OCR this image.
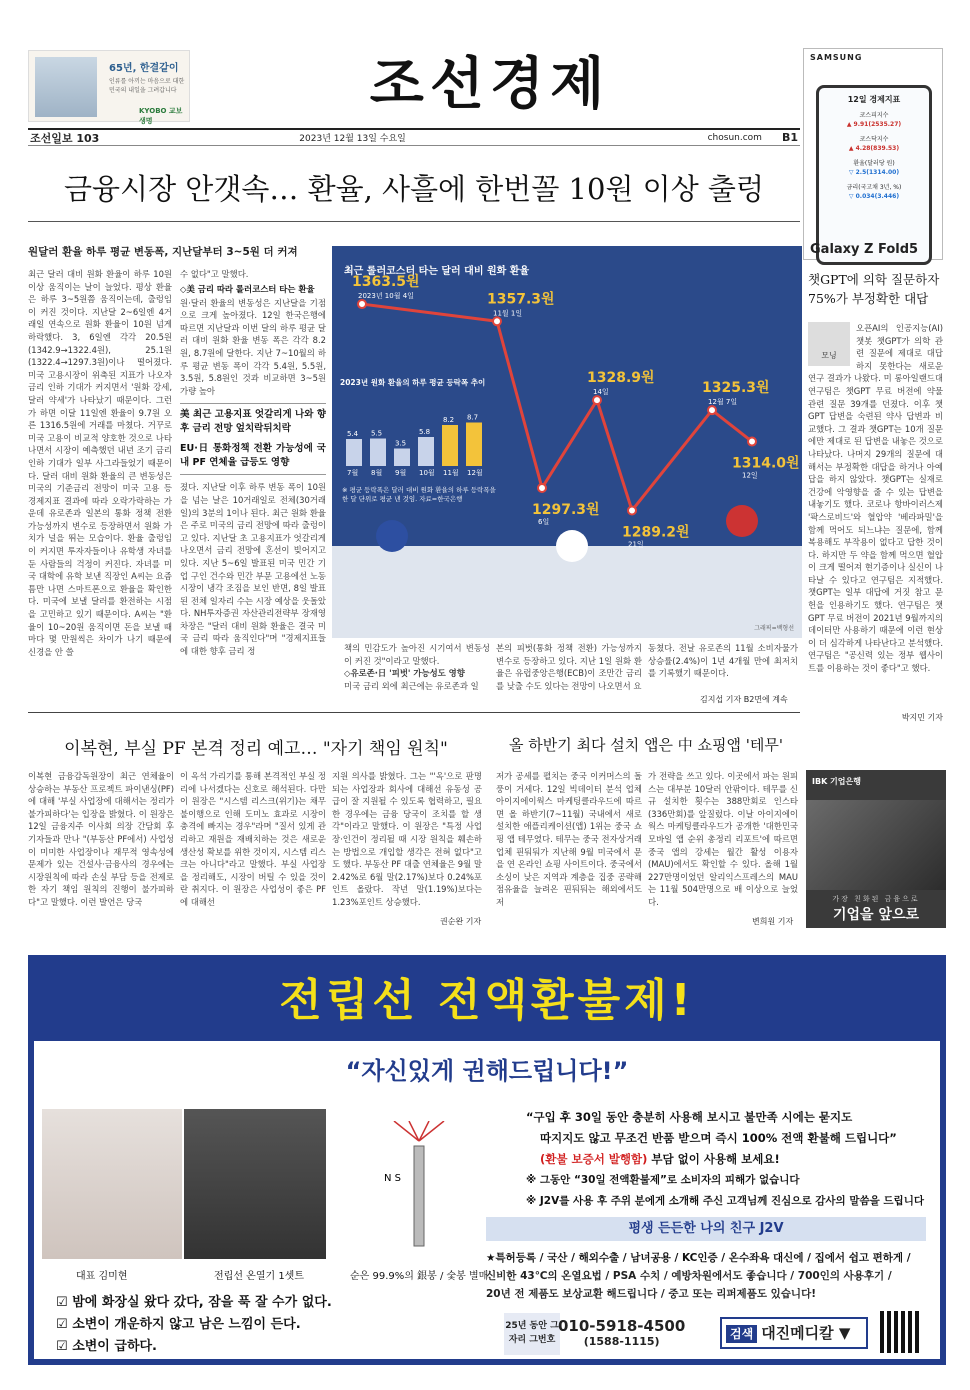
65년, 한결같이
인류를 아끼는 마음으로 대한민국의 내일을 그려갑니다
KYOBO 교보생명
조선경제	SAMSUNG
12일 경제지표
코스피지수
▲ 9.91(2535.27)
코스닥지수
▲ 4.28(839.53)
환율(달러당 원)
▽ 2.5(1314.00)
금리(국고채 3년, %)
▽ 0.034(3.446)
Galaxy Z Fold5
조선일보 103	2023년 12월 13일 수요일	chosun.com B1
금융시장 안갯속… 환율, 사흘에 한번꼴 10원 이상 출렁
원달러 환율 하루 평균 변동폭, 지난달부터 3~5원 더 커져
최근 달러 대비 원화 환율이 하루 10원 이상 움직이는 날이 늘었다. 평상 환율은 하루 3~5원쯤 움직이는데, 출렁임이 커진 것이다. 지난달 2~6일엔 4거래일 연속으로 원화 환율이 10원 넘게 하락했다. 3, 6일엔 각각 20.5원(1342.9→1322.4원), 25.1원(1322.4→1297.3원)이나 떨어졌다. 미국 고용시장이 위축된 지표가 나오자 금리 인하 기대가 커지면서 '원화 강세, 달러 약세'가 나타났기 때문이다. 그런가 하면 이달 11일엔 환율이 9.7원 오른 1316.5원에 거래를 마쳤다. 거꾸로 미국 고용이 비교적 양호한 것으로 나타나면서 시장이 예측했던 내년 조기 금리 인하 기대가 일부 사그라들었기 때문이다. 달러 대비 원화 환율의 큰 변동성은 미국의 기준금리 전망이 미국 고용 등 경제지표 결과에 따라 오락가락하는 가운데 유로존과 일본의 통화 정책 전환 가능성까지 변수로 등장하면서 원화 가치가 널을 뛰는 모습이다. 환율 출렁임이 커지면 투자자들이나 유학생 자녀를 둔 사람들의 걱정이 커진다. 자녀를 미국 대학에 유학 보낸 직장인 A씨는 요즘 틈만 나면 스마트폰으로 환율을 확인한다. 미국에 보낼 달러를 환전하는 시점을 고민하고 있기 때문이다. A씨는 "환율이 10~20원 움직이면 돈을 보낼 때마다 몇 만원씩은 차이가 나기 때문에 신경을 안 쓸
수 없다"고 말했다.
◇美 금리 따라 롤러코스터 타는 환율
원·달러 환율의 변동성은 지난달을 기점으로 크게 높아졌다. 12일 한국은행에 따르면 지난달과 이번 달의 하루 평균 달러 대비 원화 환율 변동 폭은 각각 8.2원, 8.7원에 달한다. 지난 7~10월의 하루 평균 변동 폭이 각각 5.4원, 5.5원, 3.5원, 5.8원인 것과 비교하면 3~5원가량 높아
美 최근 고용지표 엇갈리게 나와 향후 금리 전망 엎치락뒤치락
EU·日 통화정책 전환 가능성에 국내 PF 연체율 급등도 영향
졌다. 지난달 이후 하루 변동 폭이 10원을 넘는 날은 10거래일로 전체(30거래일)의 3분의 1이나 된다. 최근 원화 환율은 주로 미국의 금리 전망에 따라 출렁이고 있다. 지난달 초 고용지표가 엇갈리게 나오면서 금리 전망에 혼선이 빚어지고 있다. 지난 5~6일 발표된 미국 민간 기업 구인 건수와 민간 부문 고용에선 노동시장이 냉각 조짐을 보인 반면, 8일 발표된 전체 일자리 수는 시장 예상을 웃돌았다. NH투자증권 자산관리전략부 장재영 차장은 "달러 대비 원화 환율은 결국 미국 금리 따라 움직인다"며 "경제지표들에 대한 향후 금리 정
1363.5원
2023년 10월 4일	1357.3원
11월 1일
1297.3원
6일
1328.9원
14일
1289.2원
21일
1325.3원
12월 7일
1314.0원
12일
최근 롤러코스터 타는 달러 대비 원화 환율
2023년 원화 환율의 하루 평균 등락폭 추이
5.4
7월
5.5
8월
3.5
9월
5.8
10월
8.2
11월
8.7
12월
※ 평균 등락폭은 달러 대비 원화 환율의 하루 등락폭을 한 달 단위로 평균 낸 것임. 자료=한국은행
그래픽=백형선
책의 민감도가 높아진 시기여서 변동성이 커진 것"이라고 말했다.
◇유로존·日 '피벗' 가능성도 영향
미국 금리 외에 최근에는 유로존과 일
본의 피벗(통화 정책 전환) 가능성까지 변수로 등장하고 있다. 지난 1일 원화 환율은 유럽중앙은행(ECB)이 조만간 금리를 낮출 수도 있다는 전망이 나오면서 요
동쳤다. 전날 유로존의 11월 소비자물가 상승률(2.4%)이 1년 4개월 만에 최저치를 기록했기 때문이다.
김지섭 기자 B2면에 계속
챗GPT에 의학 질문하자 75%가 부정확한 대답
모닝
오픈AI의 인공지능(AI) 챗봇 챗GPT가 의학 관련 질문에 제대로 대답하지 못한다는 새로운 연구 결과가 나왔다. 미 롱아일랜드대 연구팀은 챗GPT 무료 버전에 약물 관련 질문 39개를 던졌다. 이후 챗GPT 답변을 숙련된 약사 답변과 비교했다. 그 결과 챗GPT는 10개 질문에만 제대로 된 답변을 내놓은 것으로 나타났다. 나머지 29개의 질문에 대해서는 부정확한 대답을 하거나 아예 답을 하지 않았다. 챗GPT는 실재로 건강에 악영향을 줄 수 있는 답변을 내놓기도 했다. 코로나 항바이러스제 '팍스로비드'와 혈압약 '베라파밀'을 함께 먹어도 되느냐는 질문에, 함께 복용해도 부작용이 없다고 답한 것이다. 하지만 두 약을 함께 먹으면 혈압이 크게 떨어져 현기증이나 실신이 나타날 수 있다고 연구팀은 지적했다. 챗GPT는 일부 대답에 거짓 참고 문헌을 인용하기도 했다. 연구팀은 챗GPT 무료 버전이 2021년 9월까지의 데이터만 사용하기 때문에 이런 현상이 더 심각하게 나타난다고 분석했다. 연구팀은 "공신력 있는 정부 웹사이트를 이용하는 것이 좋다"고 했다.
박지민 기자
이복현, 부실 PF 본격 정리 예고… "자기 책임 원칙"
이복현 금융감독원장이 최근 연체율이 상승하는 부동산 프로젝트 파이낸싱(PF)에 대해 '부실 사업장에 대해서는 정리가 불가피하다'는 입장을 밝혔다. 이 원장은 12일 금융지주 이사회 의장 간담회 후 기자들과 만나 "(부동산 PF에서) 사업성이 미미한 사업장이나 재무적 영속성에 문제가 있는 건설사·금융사의 경우에는 시장원칙에 따라 손실 부담 등을 전제로 한 자기 책임 원칙의 진행이 불가피하다"고 말했다. 이런 발언은 당국
이 옥석 가리기를 통해 본격적인 부실 정리에 나서겠다는 신호로 해석된다. 다만 이 원장은 "시스템 리스크(위기)는 채무 불이행으로 인해 도미노 효과로 시장이 충격에 빠지는 경우"라며 "질서 있게 관리하고 재원을 재배치하는 것은 새로운 생산성 확보를 위한 것이지, 시스템 리스크는 아니다"라고 말했다. 부실 사업장을 정리해도, 시장이 버틸 수 있을 것이란 취지다. 이 원장은 사업성이 좋은 PF에 대해선
지원 의사를 밝혔다. 그는 "'옥'으로 판명되는 사업장과 회사에 대해선 유동성 공급이 잘 지원될 수 있도록 협력하고, 필요한 경우에는 금융 당국이 조치를 할 생각"이라고 말했다. 이 원장은 "특정 사업장·인건이 정리될 때 시장 원칙을 훼손하는 방법으로 개입할 생각은 전혀 없다"고도 했다. 부동산 PF 대출 연체율은 9월 말 2.42%로 6월 말(2.17%)보다 0.24%포인트 올랐다. 작년 말(1.19%)보다는 1.23%포인트 상승했다.
권순완 기자
올 하반기 최다 설치 앱은 中 쇼핑앱 '테무'
저가 공세를 펼치는 중국 이커머스의 돌풍이 거세다. 12일 빅데이터 분석 업체 아이지에이웍스 마케팅클라우드에 따르면 올 하반기(7~11월) 국내에서 새로 설치한 애플리케이션(앱) 1위는 중국 쇼핑 앱 테무였다. 테무는 중국 전자상거래 업체 핀둬둬가 지난해 9월 미국에서 문을 연 온라인 쇼핑 사이트이다. 중국에서 소싱이 낮은 지역과 계층을 집중 공략해 점유율을 늘려온 핀둬둬는 해외에서도 저
가 전략을 쓰고 있다. 이곳에서 파는 원피스는 대부분 10달러 안팎이다. 테무를 신규 설치한 횟수는 388만회로 인스타(336만회)를 앞질렀다. 이날 아이지에이웍스 마케팅클라우드가 공개한 '대한민국 모바일 앱 순위 총정리 리포트'에 따르면 중국 앱의 강세는 월간 활성 이용자(MAU)에서도 확인할 수 있다. 올해 1월 227만명이었던 알리익스프레스의 MAU는 11월 504만명으로 배 이상으로 늘었다.
변희원 기자
IBK 기업은행
가장 친화된 금융으로
기업을 앞으로
전립선 전액환불제!
“자신있게 권해드립니다!”
N S
대표 김미현	전립선 온열기 1셋트	순은 99.9%의 銀봉 / 숯봉 별매
☑ 밤에 화장실 왔다 갔다, 잠을 푹 잘 수가 없다.
☑ 소변이 개운하지 않고 남은 느낌이 든다.
☑ 소변이 급하다.
“구입 후 30일 동안 충분히 사용해 보시고 불만족 시에는 묻지도
따지지도 않고 무조건 반품 받으며 즉시 100% 전액 환불해 드립니다”
(환불 보증서 발행함) 부담 없이 사용해 보세요!
※ 그동안 “30일 전액환불제”로 소비자의 피해가 없습니다
※ J2V를 사용 후 주위 분에게 소개해 주신 고객님께 진심으로 감사의 말씀을 드립니다
평생 든든한 나의 친구 J2V
★특허등록 / 국산 / 해외수출 / 남녀공용 / KC인증 / 온수좌욕 대신에 / 집에서 쉽고 편하게 /
신비한 43℃의 온열요법 / PSA 수치 / 예방차원에서도 좋습니다 / 700인의 사용후기 /
20년 전 제품도 보상교환 해드립니다 / 중고 또는 리퍼제품도 있습니다!
25년 동안 그자리 그번호
010-5918-4500
(1588-1115)
검색 대진메디칼 ▼
